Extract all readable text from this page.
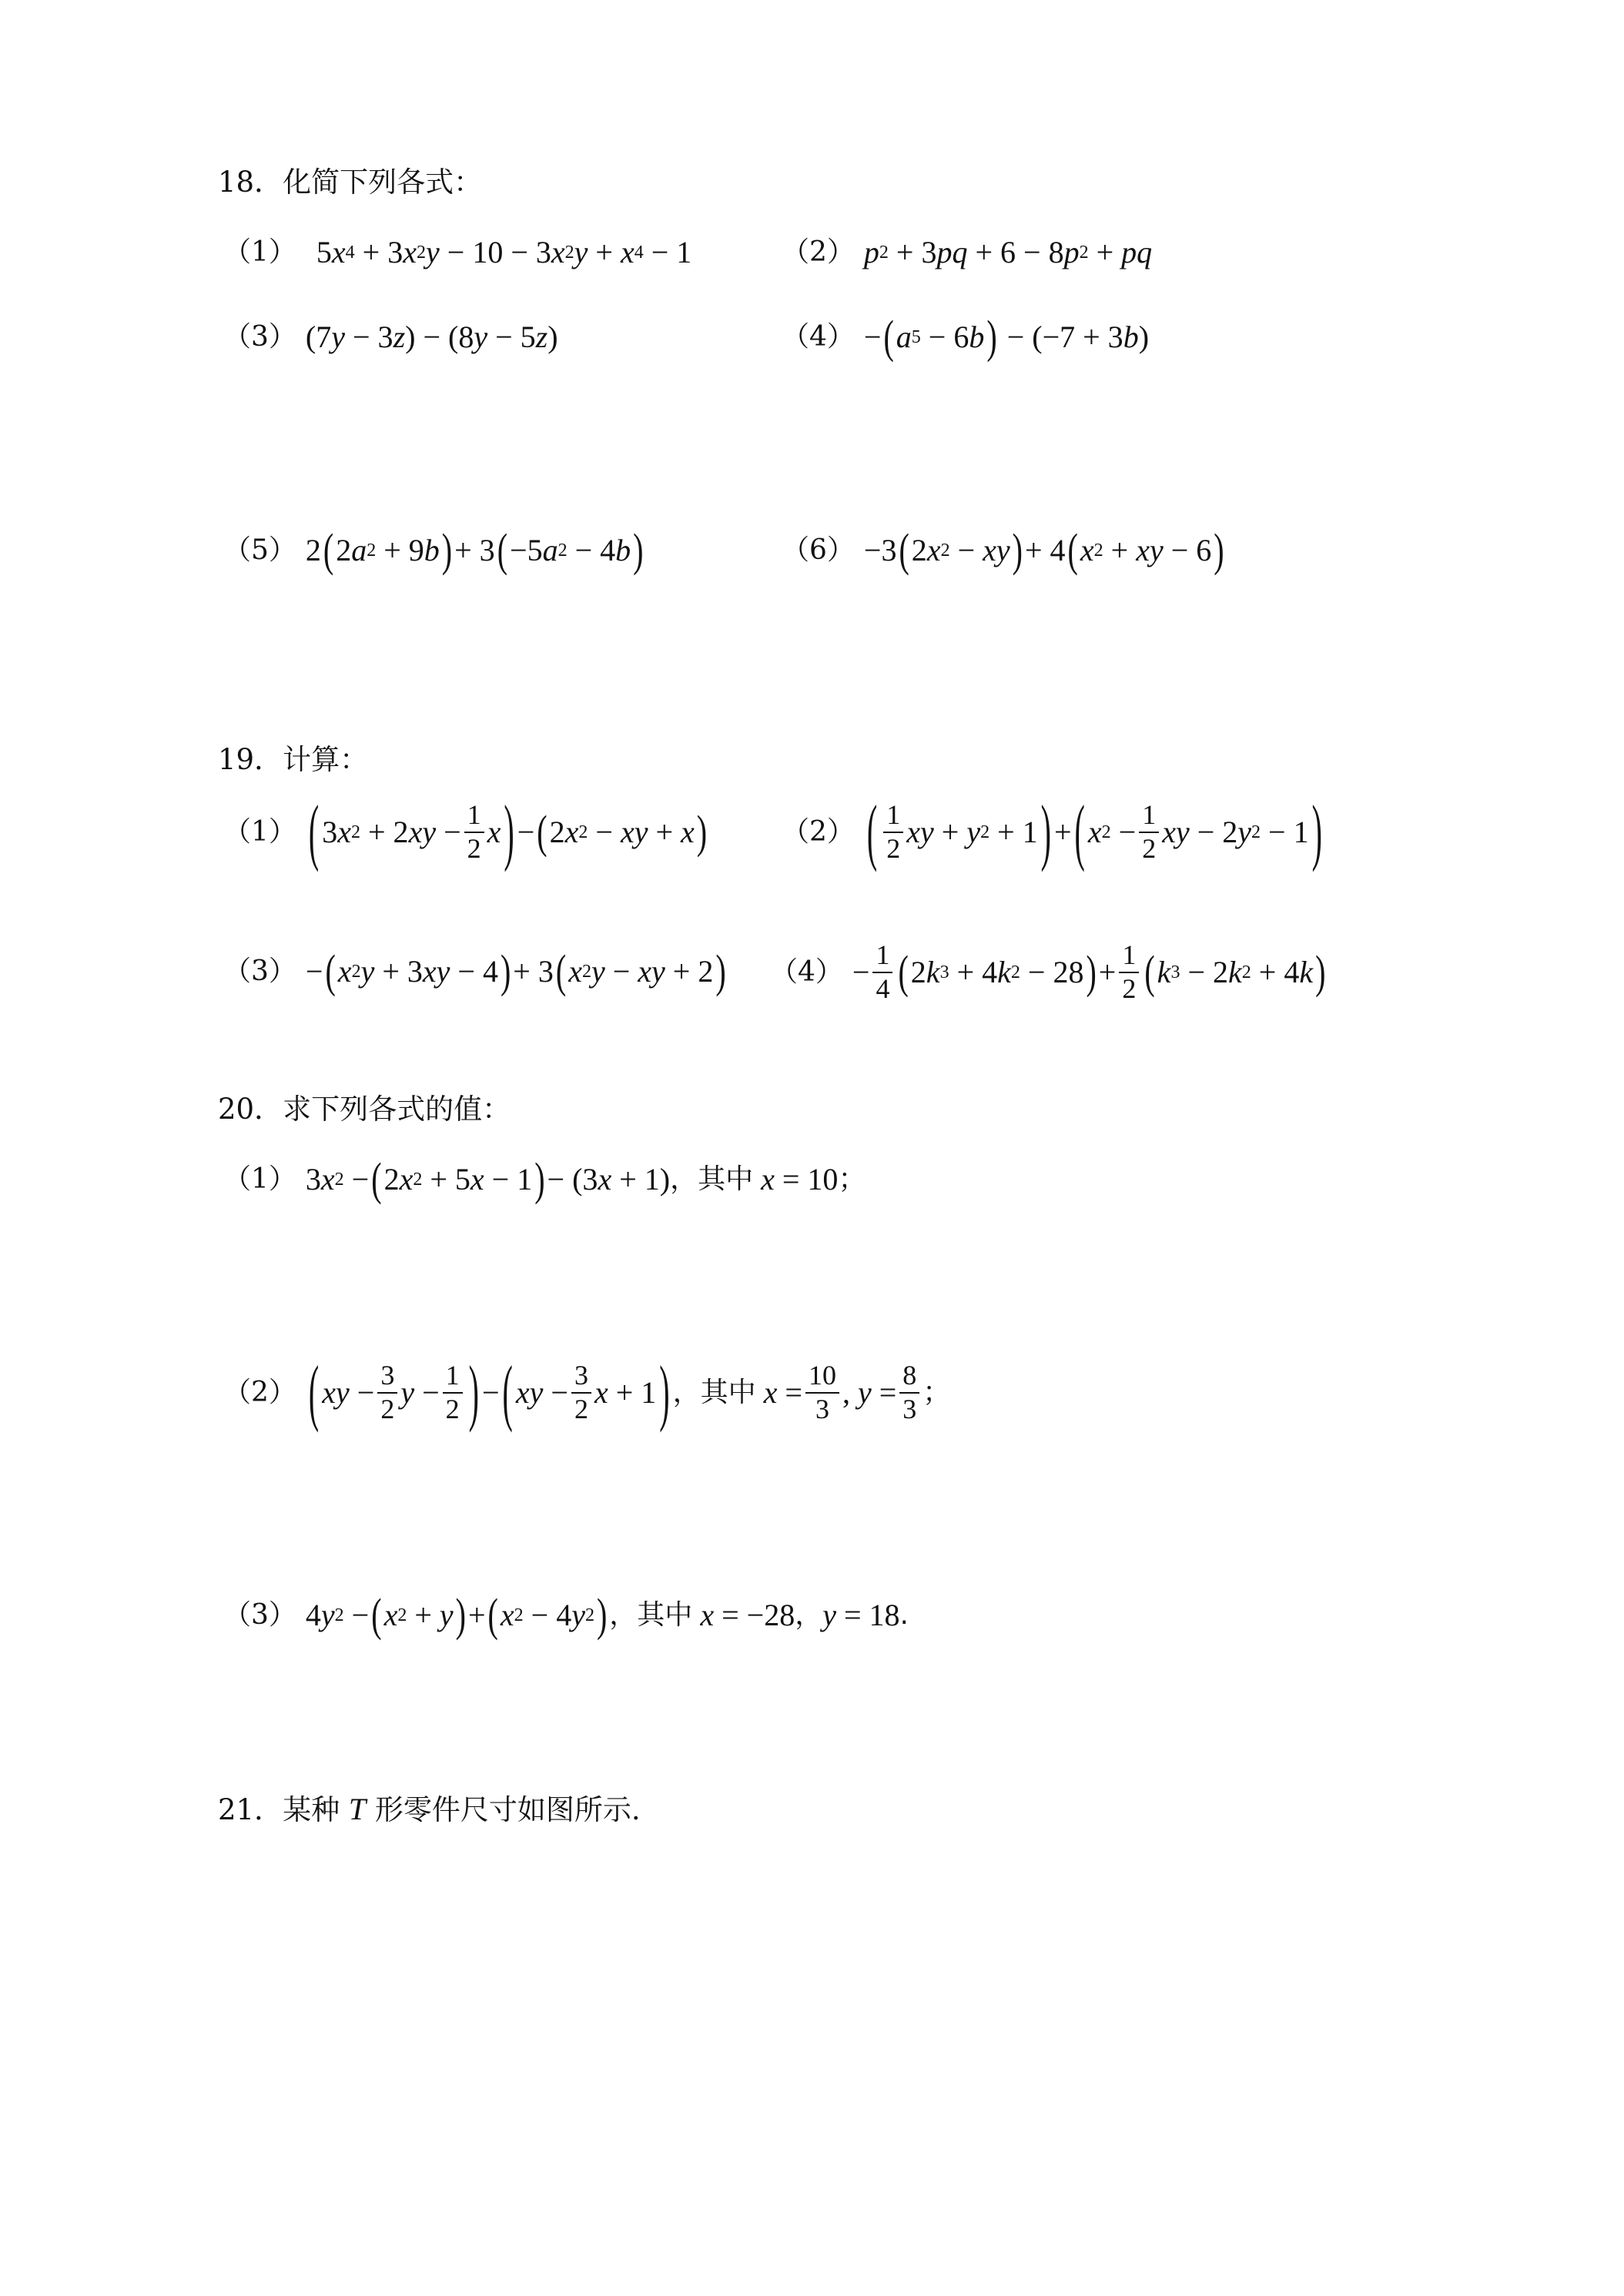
18．化简下列各式：
（1） 5 x 4 + 3 x 2 y − 10 − 3 x 2 y + x 4 − 1	（2） p 2 + 3 pq + 6 − 8 p 2 + pq
（3） (7 y − 3 z ) − (8 y − 5 z )	（4） − ( a 5 − 6 b ) − (−7 + 3 b )
（5） 2 ( 2 a 2 + 9 b ) + 3 ( −5 a 2 − 4 b )	（6） −3 ( 2 x 2 − xy ) + 4 ( x 2 + xy − 6 )
19．计算：
（1） ( 3 x 2 + 2 xy − $\frac{1}{2}$ x ) − ( 2 x 2 − xy + x )	（2） ( $\frac{1}{2}$ xy + y 2 + 1 ) + ( x $2 - \frac{1}{2}$ xy − 2 y 2 − 1 )
（3） − ( x 2 y + 3 xy − 4 ) + 3 ( x 2 y − xy + 2 ) $(4) - \frac{1}{4}$ ( 2 k 3 + 4 k 2 − 28 ) + $\frac{1}{2}$ ( k 3 − 2 k 2 + 4 k )
20．求下列各式的值：
（1） 3 x 2 − ( 2 x 2 + 5 x − 1 ) − (3 x + 1) ，其中
x = 10 ；
（2） ( xy − $\frac{3}{2}$ $y - \frac{1}{2}$ ) − ( xy − $\frac{3}{2}$ x + 1 ) ，其中
$x = \frac{10}{3}$ , $y = \frac{8}{3}$ ；
（3） 4 y 2 − ( x 2 + y ) + ( x 2 − 4 y 2 ) ，其中
x = −28 ， y = 18 .
21．某种 T 形零件尺寸如图所示.
